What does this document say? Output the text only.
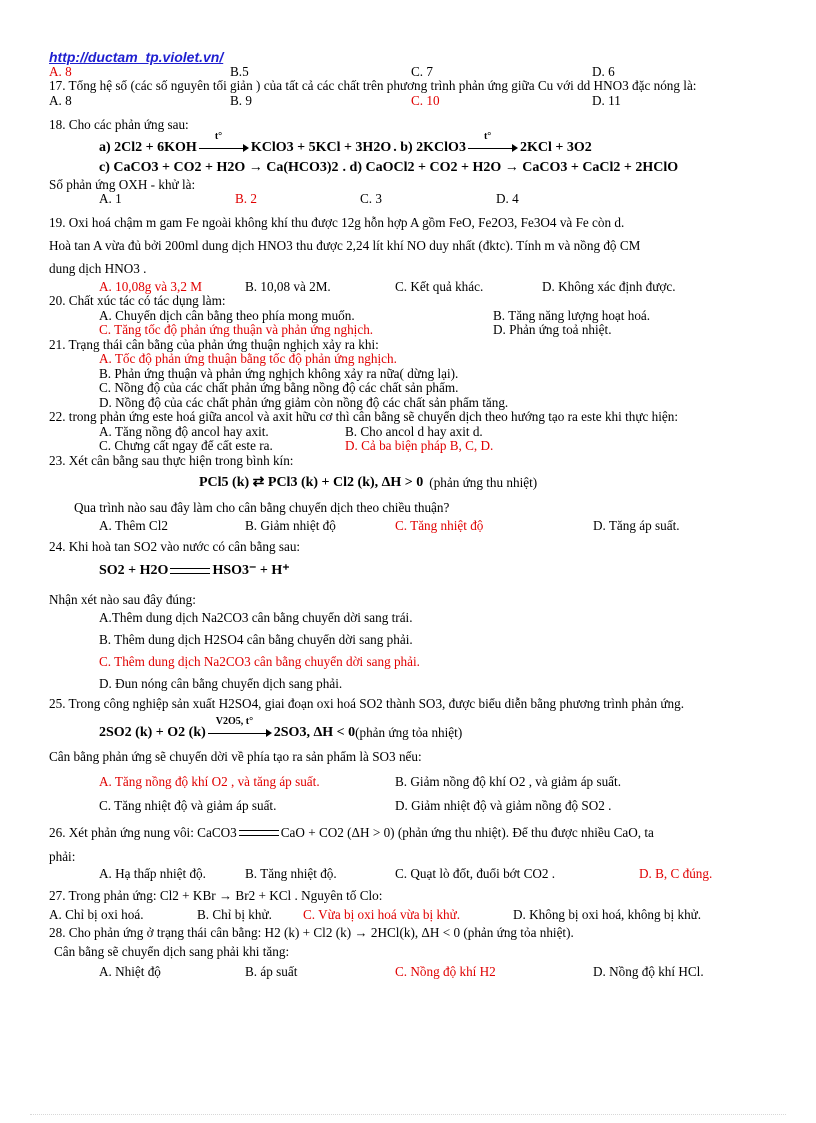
http://ductam_tp.violet.vn/
A. 8	B.5	C. 7	D. 6
17. Tổng hệ số (các số nguyên tối giản ) của tất cả các chất trên phương trình phản ứng giữa Cu với dd HNO3 đặc nóng là:
A. 8	B. 9	C. 10	D. 11
18. Cho các phản ứng sau:
a) 2Cl2 + 6KOH
t°
KClO3 + 5KCl + 3H2O . b) 2KClO3
t°
2KCl + 3O2
c) CaCO3 + CO2 + H2O → Ca(HCO3)2 . d) CaOCl2 + CO2 + H2O → CaCO3 + CaCl2 + 2HClO
Số phản ứng OXH - khử là:
A. 1	B. 2	C. 3	D. 4
19. Oxi hoá chậm m gam Fe ngoài không khí thu được 12g hỗn hợp A gồm FeO, Fe2O3, Fe3O4 và Fe còn d.
Hoà tan A vừa đủ bởi 200ml dung dịch HNO3 thu được 2,24 lít khí NO duy nhất (đktc). Tính m và nồng độ CM
dung dịch HNO3 .
A. 10,08g và 3,2 M	B. 10,08 và 2M.	C. Kết quả khác.	D. Không xác định được.
20. Chất xúc tác có tác dụng làm:
A. Chuyển dịch cân bằng theo phía mong muốn.	B. Tăng năng lượng hoạt hoá.
C. Tăng tốc độ phản ứng thuận và phản ứng nghịch.	D. Phản ứng toả nhiệt.
21. Trạng thái cân bằng của phản ứng thuận nghịch xảy ra khi:
A. Tốc độ phản ứng thuận bằng tốc độ phản ứng nghịch.
B. Phản ứng thuận và phản ứng nghịch không xảy ra nữa( dừng lại).
C. Nồng độ của các chất phản ứng bằng nồng độ các chất sản phẩm.
D. Nồng độ của các chất phản ứng giảm còn nồng độ các chất sản phẩm tăng.
22. trong phản ứng este hoá giữa ancol và axit hữu cơ thì cân bằng sẽ chuyển dịch theo hướng tạo ra este khi thực hiện:
A. Tăng nồng độ ancol hay axit.	B. Cho ancol d hay axit d.
C. Chưng cất ngay để cất este ra.	D. Cả ba biện pháp B, C, D.
23. Xét cân bằng sau thực hiện trong bình kín:
PCl5 (k) ⇄ PCl3 (k) + Cl2 (k), ΔH > 0 (phản ứng thu nhiệt)
Qua trình nào sau đây làm cho cân bằng chuyển dịch theo chiều thuận?
A. Thêm Cl2	B. Giảm nhiệt độ	C. Tăng nhiệt độ	D. Tăng áp suất.
24. Khi hoà tan SO2 vào nước có cân bằng sau:
SO2 + H2O	HSO3⁻ + H⁺
Nhận xét nào sau đây đúng:
A.Thêm dung dịch Na2CO3 cân bằng chuyển dời sang trái.
B. Thêm dung dịch H2SO4 cân bằng chuyển dời sang phải.
C. Thêm dung dịch Na2CO3 cân bằng chuyển dời sang phải.
D. Đun nóng cân bằng chuyển dịch sang phải.
25. Trong công nghiệp sản xuất H2SO4, giai đoạn oxi hoá SO2 thành SO3, được biểu diễn bằng phương trình phản ứng.
2SO2 (k) + O2 (k)
V2O5, t°
2SO3, ΔH < 0 (phản ứng tỏa nhiệt)
Cân bằng phản ứng sẽ chuyển dời về phía tạo ra sản phẩm là SO3 nếu:
A. Tăng nồng độ khí O2 , và tăng áp suất.	B. Giảm nồng độ khí O2 , và giảm áp suất.
C. Tăng nhiệt độ và giảm áp suất.	D. Giảm nhiệt độ và giảm nồng độ SO2 .
26. Xét phản ứng nung vôi: CaCO3	CaO + CO2 (ΔH > 0) (phản ứng thu nhiệt). Để thu được nhiều CaO, ta
phải:
A. Hạ thấp nhiệt độ.	B. Tăng nhiệt độ.	C. Quạt lò đốt, đuổi bớt CO2 .	D. B, C đúng.
27. Trong phản ứng: Cl2 + KBr → Br2 + KCl . Nguyên tố Clo:
A. Chỉ bị oxi hoá.	B. Chỉ bị khử.	C. Vừa bị oxi hoá vừa bị khử.	D. Không bị oxi hoá, không bị khử.
28. Cho phản ứng ở trạng thái cân bằng: H2 (k) + Cl2 (k) → 2HCl(k), ΔH < 0 (phản ứng tỏa nhiệt).
Cân bằng sẽ chuyển dịch sang phải khi tăng:
A. Nhiệt độ	B. áp suất	C. Nồng độ khí H2	D. Nồng độ khí HCl.
